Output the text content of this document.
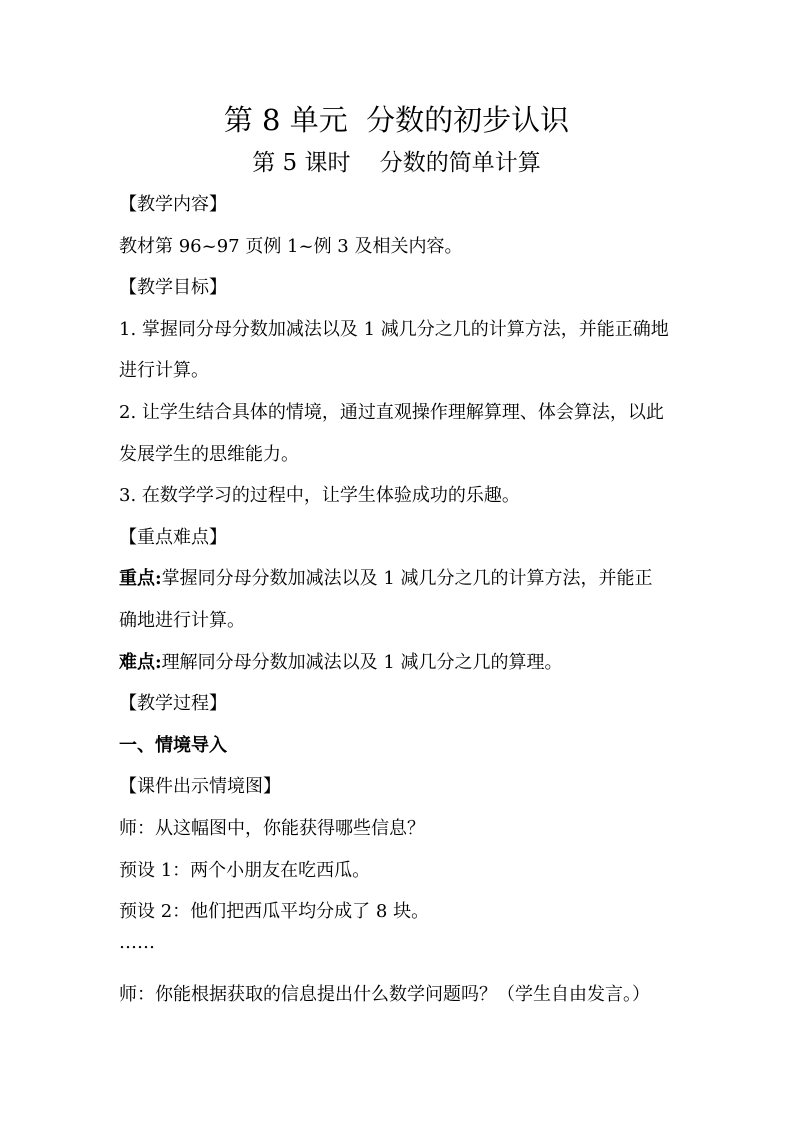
第 8 单元  分数的初步认识
第 5 课时    分数的简单计算
【教学内容】
教材第 96~97 页例 1~例 3 及相关内容。
【教学目标】
1. 掌握同分母分数加减法以及 1 减几分之几的计算方法，并能正确地
进行计算。
2. 让学生结合具体的情境，通过直观操作理解算理、体会算法，以此
发展学生的思维能力。
3. 在数学学习的过程中，让学生体验成功的乐趣。
【重点难点】
重点:掌握同分母分数加减法以及 1 减几分之几的计算方法，并能正
确地进行计算。
难点:理解同分母分数加减法以及 1 减几分之几的算理。
【教学过程】
一、情境导入
【课件出示情境图】
师：从这幅图中，你能获得哪些信息？
预设 1：两个小朋友在吃西瓜。
预设 2：他们把西瓜平均分成了 8 块。
……
师：你能根据获取的信息提出什么数学问题吗？（学生自由发言。）
